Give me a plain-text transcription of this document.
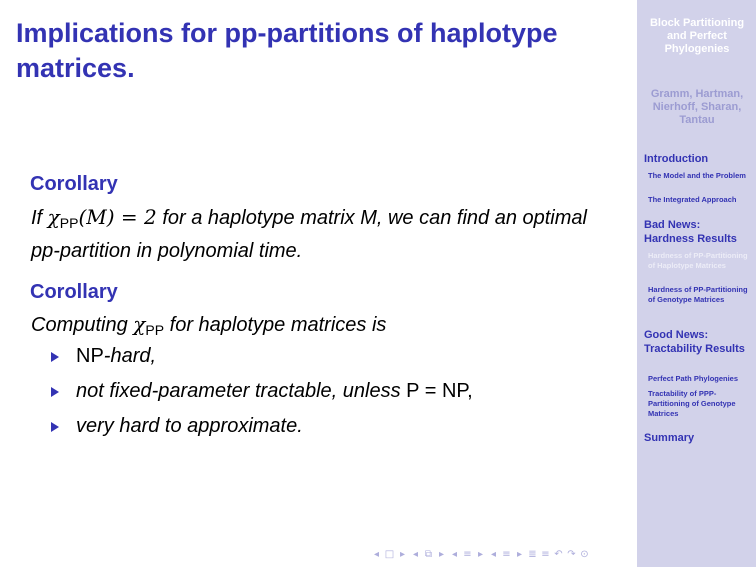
Implications for pp-partitions of haplotype matrices.
Corollary
If $\chi_{PP}(M) = 2$ for a haplotype matrix M, we can find an optimal pp-partition in polynomial time.
Corollary
Computing $\chi_{PP}$ for haplotype matrices is
NP-hard,
not fixed-parameter tractable, unless P = NP,
very hard to approximate.
◂ □ ▸ ◂ ⧉ ▸ ◂ ≡ ▸ ◂ ≡ ▸ ≣ ≡ ↶ ↷ ⊙
Block Partitioning and Perfect Phylogenies
Gramm, Hartman, Nierhoff, Sharan, Tantau
Introduction
The Model and the Problem
The Integrated Approach
Bad News: Hardness Results
Hardness of PP-Partitioning of Haplotype Matrices
Hardness of PP-Partitioning of Genotype Matrices
Good News: Tractability Results
Perfect Path Phylogenies
Tractability of PPP-Partitioning of Genotype Matrices
Summary
